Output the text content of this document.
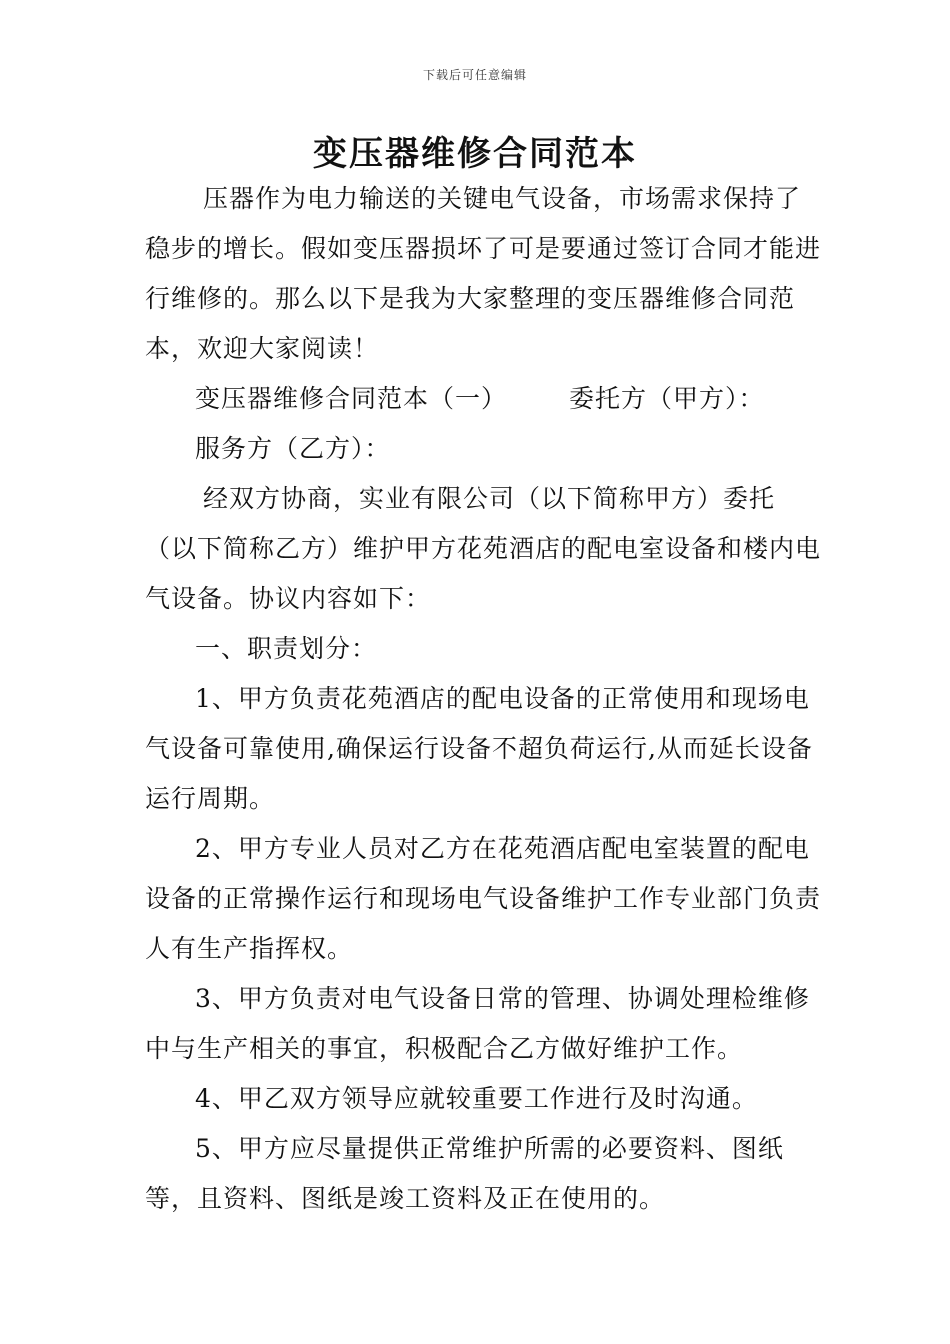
下载后可任意编辑
变压器维修合同范本

压器作为电力输送的关键电气设备，市场需求保持了稳步的增长。假如变压器损坏了可是要通过签订合同才能进行维修的。那么以下是我为大家整理的变压器维修合同范本，欢迎大家阅读！

变压器维修合同范本（一） 委托方（甲方）：

服务方（乙方）：

经双方协商，实业有限公司（以下简称甲方）委托（以下简称乙方）维护甲方花苑酒店的配电室设备和楼内电气设备。协议内容如下：

一、职责划分：

1、甲方负责花苑酒店的配电设备的正常使用和现场电气设备可靠使用,确保运行设备不超负荷运行,从而延长设备运行周期。

2、甲方专业人员对乙方在花苑酒店配电室装置的配电设备的正常操作运行和现场电气设备维护工作专业部门负责人有生产指挥权。

3、甲方负责对电气设备日常的管理、协调处理检维修中与生产相关的事宜，积极配合乙方做好维护工作。

4、甲乙双方领导应就较重要工作进行及时沟通。

5、甲方应尽量提供正常维护所需的必要资料、图纸等，且资料、图纸是竣工资料及正在使用的。
